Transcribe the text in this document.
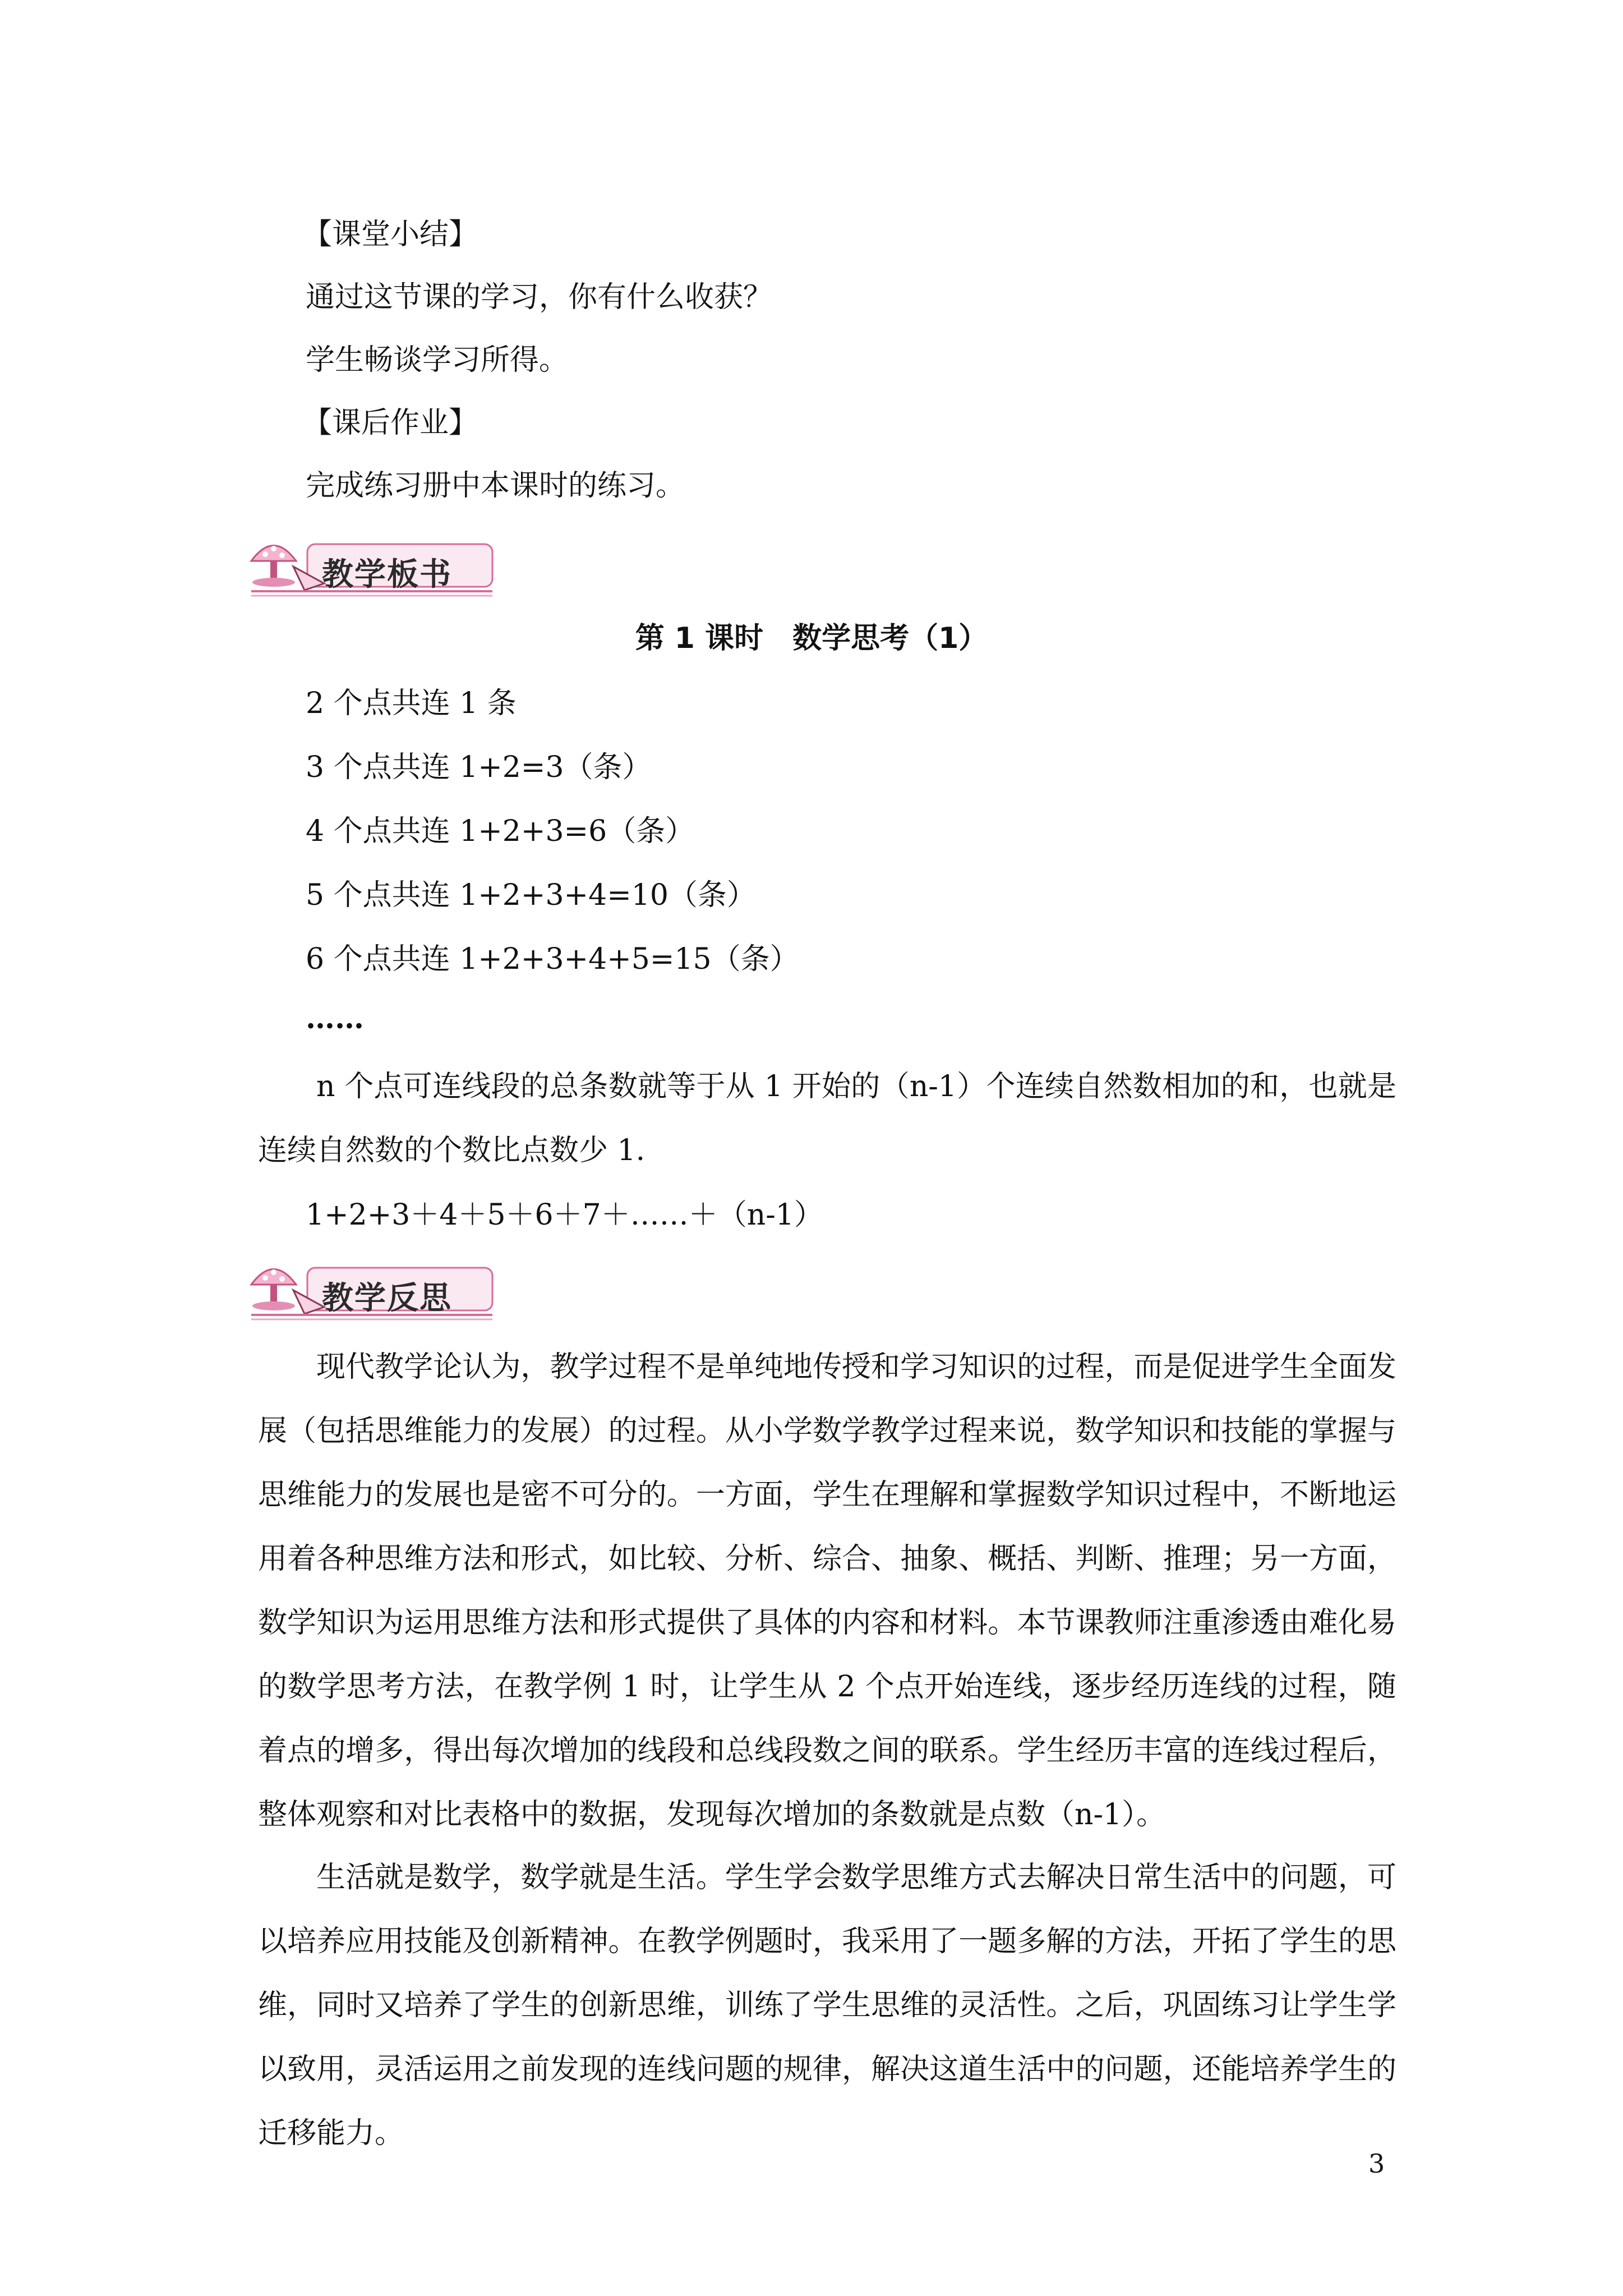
【课堂小结】
通过这节课的学习，你有什么收获？
学生畅谈学习所得。
【课后作业】
完成练习册中本课时的练习。
教学板书
第 1 课时　数学思考（1）
2 个点共连 1 条
3 个点共连 1+2=3（条）
4 个点共连 1+2+3=6（条）
5 个点共连 1+2+3+4=10（条）
6 个点共连 1+2+3+4+5=15（条）
……
n 个点可连线段的总条数就等于从 1 开始的（n-1）个连续自然数相加的和，也就是连续自然数的个数比点数少 1.
1+2+3＋4＋5＋6＋7＋……＋（n-1）
教学反思
现代教学论认为，教学过程不是单纯地传授和学习知识的过程，而是促进学生全面发展（包括思维能力的发展）的过程。从小学数学教学过程来说，数学知识和技能的掌握与思维能力的发展也是密不可分的。一方面，学生在理解和掌握数学知识过程中，不断地运用着各种思维方法和形式，如比较、分析、综合、抽象、概括、判断、推理；另一方面，数学知识为运用思维方法和形式提供了具体的内容和材料。本节课教师注重渗透由难化易的数学思考方法，在教学例 1 时，让学生从 2 个点开始连线，逐步经历连线的过程，随着点的增多，得出每次增加的线段和总线段数之间的联系。学生经历丰富的连线过程后，整体观察和对比表格中的数据，发现每次增加的条数就是点数（n-1）。
生活就是数学，数学就是生活。学生学会数学思维方式去解决日常生活中的问题，可以培养应用技能及创新精神。在教学例题时，我采用了一题多解的方法，开拓了学生的思维，同时又培养了学生的创新思维，训练了学生思维的灵活性。之后，巩固练习让学生学以致用，灵活运用之前发现的连线问题的规律，解决这道生活中的问题，还能培养学生的迁移能力。
3
